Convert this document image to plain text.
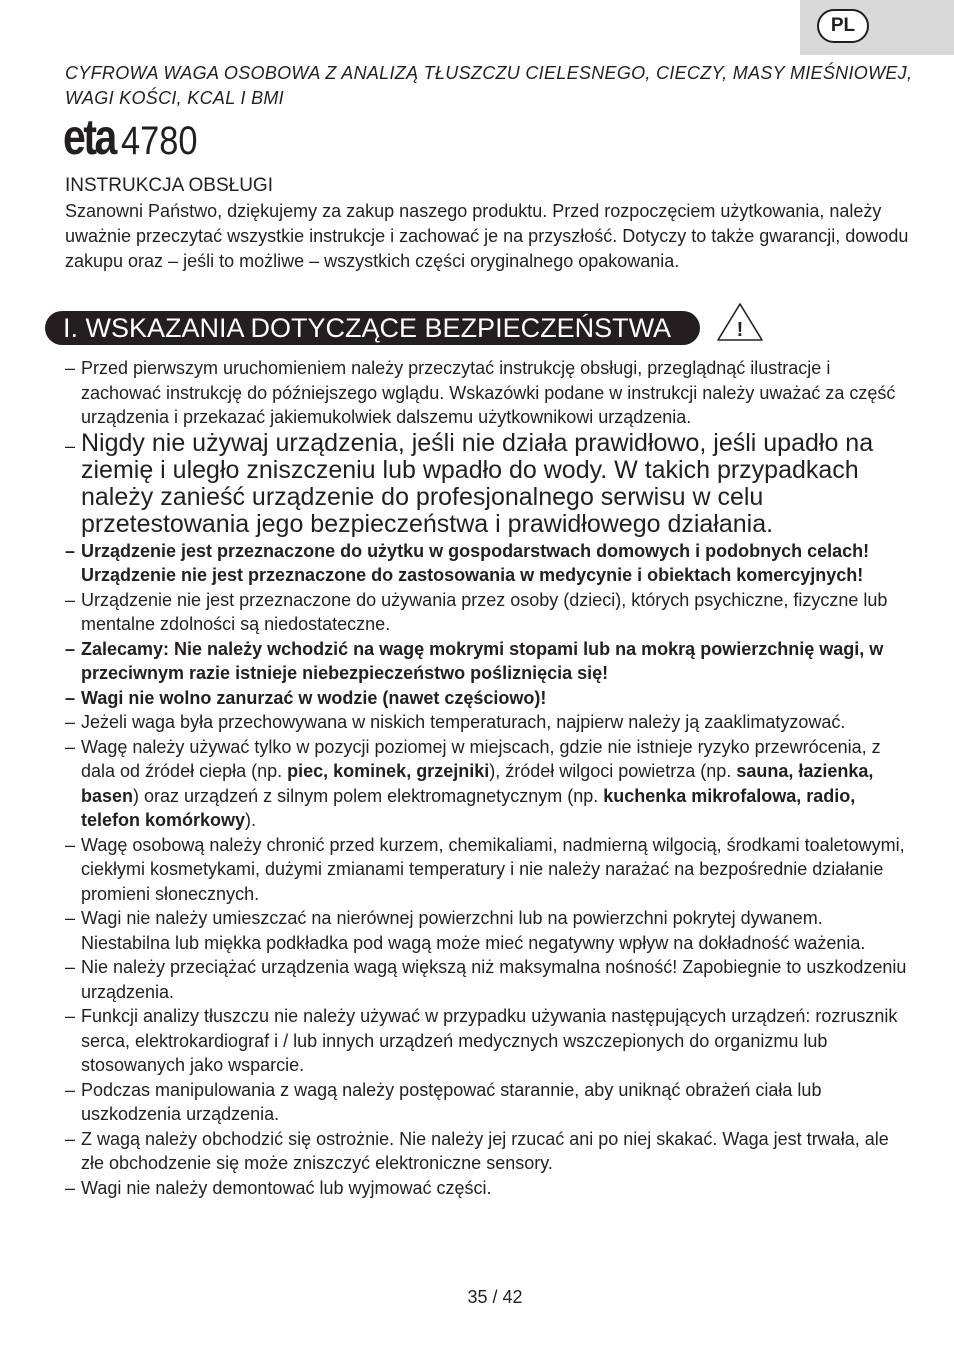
PL
CYFROWA WAGA OSOBOWA Z ANALIZĄ TŁUSZCZU CIELESNEGO, CIECZY, MASY MIEŚNIOWEJ, WAGI KOŚCI, KCAL I BMI
eta 4780
INSTRUKCJA OBSŁUGI
Szanowni Państwo, dziękujemy za zakup naszego produktu. Przed rozpoczęciem użytkowania, należy uważnie przeczytać wszystkie instrukcje i zachować je na przyszłość. Dotyczy to także gwarancji, dowodu zakupu oraz – jeśli to możliwe – wszystkich części oryginalnego opakowania.
I. WSKAZANIA DOTYCZĄCE BEZPIECZEŃSTWA	!
– Przed pierwszym uruchomieniem należy przeczytać instrukcję obsługi, przeglądnąć ilustracje i zachować instrukcję do późniejszego wglądu. Wskazówki podane w instrukcji należy uważać za część urządzenia i przekazać jakiemukolwiek dalszemu użytkownikowi urządzenia.
– Nigdy nie używaj urządzenia, jeśli nie działa prawidłowo, jeśli upadło na ziemię i uległo zniszczeniu lub wpadło do wody. W takich przypadkach należy zanieść urządzenie do profesjonalnego serwisu w celu przetestowania jego bezpieczeństwa i prawidłowego działania.
– Urządzenie jest przeznaczone do użytku w gospodarstwach domowych i podobnych celach! Urządzenie nie jest przeznaczone do zastosowania w medycynie i obiektach komercyjnych!
– Urządzenie nie jest przeznaczone do używania przez osoby (dzieci), których psychiczne, fizyczne lub mentalne zdolności są niedostateczne.
– Zalecamy: Nie należy wchodzić na wagę mokrymi stopami lub na mokrą powierzchnię wagi, w przeciwnym razie istnieje niebezpieczeństwo pośliznięcia się!
– Wagi nie wolno zanurzać w wodzie (nawet częściowo)!
– Jeżeli waga była przechowywana w niskich temperaturach, najpierw należy ją zaaklimatyzować.
– Wagę należy używać tylko w pozycji poziomej w miejscach, gdzie nie istnieje ryzyko przewrócenia, z dala od źródeł ciepła (np. piec, kominek, grzejniki), źródeł wilgoci powietrza (np. sauna, łazienka, basen) oraz urządzeń z silnym polem elektromagnetycznym (np. kuchenka mikrofalowa, radio, telefon komórkowy).
– Wagę osobową należy chronić przed kurzem, chemikaliami, nadmierną wilgocią, środkami toaletowymi, ciekłymi kosmetykami, dużymi zmianami temperatury i nie należy narażać na bezpośrednie działanie promieni słonecznych.
– Wagi nie należy umieszczać na nierównej powierzchni lub na powierzchni pokrytej dywanem. Niestabilna lub miękka podkładka pod wagą może mieć negatywny wpływ na dokładność ważenia.
– Nie należy przeciążać urządzenia wagą większą niż maksymalna nośność! Zapobiegnie to uszkodzeniu urządzenia.
– Funkcji analizy tłuszczu nie należy używać w przypadku używania następujących urządzeń: rozrusznik serca, elektrokardiograf i / lub innych urządzeń medycznych wszczepionych do organizmu lub stosowanych jako wsparcie.
– Podczas manipulowania z wagą należy postępować starannie, aby uniknąć obrażeń ciała lub uszkodzenia urządzenia.
– Z wagą należy obchodzić się ostrożnie. Nie należy jej rzucać ani po niej skakać. Waga jest trwała, ale złe obchodzenie się może zniszczyć elektroniczne sensory.
– Wagi nie należy demontować lub wyjmować części.
35 / 42
